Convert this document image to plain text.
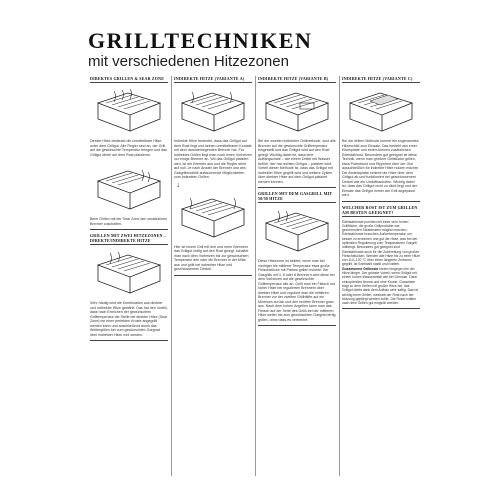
GRILLTECHNIKEN
mit verschiedenen Hitzezonen
DIREKTES GRILLEN & SEAR ZONE
Direkte Hitze bedeutet die unmittelbare Hitze unter dem Grillgut. Alle Regler sind an, der Grill auf die gewünschte Temperatur bringen und das Grillgut direkt auf dem Rost platzieren.
Beim Grillen mit der Sear Zone den zusätzlichen Brenner zuschalten.
GRILLEN MIT ZWEI HITZEZONEN – DIREKTE/INDIREKTE HITZE
Sehr häufig wird die Kombination aus direkter und indirekter Hitze gewählt. Das hat den Vorteil, dass nach Erreichen der gewünschten Grilltemperatur die Stelle bei direkter Hitze (Sear Zone) mit einer perfekten Kruste angegrillt werden kann und anschließend durch das Weitergrillen bei zum gewünschten Gargrad über indirekter Hitze ruht werden.
INDIREKTE HITZE (VARIANTE A)
Indirekte Hitze bedeutet, dass das Grillgut auf dem Rost liegt und keinen unmittelbaren Kontakt mit dem darunterliegenden Brenner hat. Für indirektes Grillen liegt man noch einen Vorheizen vor einige Brenner an. Wo das Grillgut platziert wird, ist der Brenner aus und die Regler steht auf null. Je nach Anzahl der Brenner und des Gasgrillmodells auftauchende Möglichkeiten zum indirekten Grillen.
↓
Hier ist einem Grill mit drei und mehr Brennern das Grillgut mittig auf den Rost gelegt, schaltet man nach dem Vorheizen bis zur gewünschten Temperatur den oder die Brenner in der Mitte aus und grillt bei indirekter Hitze und geschlossenem Deckel.
INDIREKTE HITZE (VARIANTE B)
Bei der zweiten indirekten Grillmethode, sind alle Brenner auf die gewünschte Grilltemperatur eingestellt und das Grillgut wird auf den Rost gelegt. Wichtig dabei ist, dass eine Auffangschale – wie einem Drittel mit Wasser befüllt, hier hat rechten Grillgut – platziert wird. Vorteil dieser Methode ist, dass das Grillgut mit indirekter Hitze gegrillt wird und weitere Zyklen über direkter Hitze auf dem Grillgut platziert werden können.
GRILLEN MIT DEM GASGRILL MIT 50/50 HITZE
Diese Hitzezone ist beliebt, wenn man bei niedriger bis mittlerer Temperatur etwa große Fleischstücke mit Parkes grillen möchte. Bei Gasgrills mit 4, 6 oder 8 Brennern wird diese bei dem Vorheizen auf die gewünschte Grilltemperatur alle an. Grillt man ein Fleisch mit hoher Hitze bei regulierten Brennern über direkter Hitze und reguliert man die mittleren Brenner vor der zweiten Grillhälfte auf ein Minimum zurück und den rechten Brenner ganz aus. Nach dem hohen Angrillen kann man das Fleisch auf der Seite des Grills bei der mittleren Hitze weiter bis zum gewünschten Gargrad fertig grillen, ohne dass es verbrennt.
INDIREKTE HITZE (VARIANTE C)
Bei der dritten Methode kommt ein sogenanntes Hitzeschild zum Einsatz. Das besteht aus einer Eisenplatte und einem kleinen zusätzlichen Edelstahlrost. Besonders gut geeignet ist diese Technik, wenn man größere Grillstücke grillen, etwa Putenbrust und Rippchen über der Glut ausschließlich für indirekte Hitze nutzen möchte. Die Abdeckplatte schirmt die Hitze über dem Grillgut ab und funktioniert bei geschlossenem Deckel wie ein Umluftbackofen. Wichtig dabei ist, dass das Grillgut nicht zu dicht liegt und der Einsatz das Grillgut immer am Grill angepasst wird.
WELCHER ROST IST ZUM GRILLEN AM BESTEN GEEIGNET?
Edelstahlroste punkten mit einer sehr hohen Grillfläche, die große Grillprodukte wie geschmorten Steakbraten möglich machen. Edelstahlroste brauchen Außentemperatur, um besser zu erreichen und gut die Hitze, was bei der optimalen Regulierung zum Temperaturen Gargrill mitbringt. Besonders gut geeignet sind Edelstahlroste auch für die Zubereitung von großen Fleischstücken. Werden alle Hitze bis zu einer Hitze von 110–120 °C über einen längeren Zeitraum gegrillt, ist Edelstahl stabil und rostfrei. Gusseiserne Grillroste bieten hingegen bei der Hitze länger. Der grösste Vorteil, wenn Grillgut mit einem hohen Wasseranteil wie bei Gemüse. Dann einkuplendes Aroma und eine Kruste. Gusseisen trägt zu dem Grillen mit großer Hitze bei, das Grillgut bleibt dank dem Aufbau sehr saftig. Das ist wichtig beim Grillen, weshalb der Rost nach der Nutzung gepflegt werden sollte. Die Roste sollten nach dem Grillen gut eingeölt werden.
